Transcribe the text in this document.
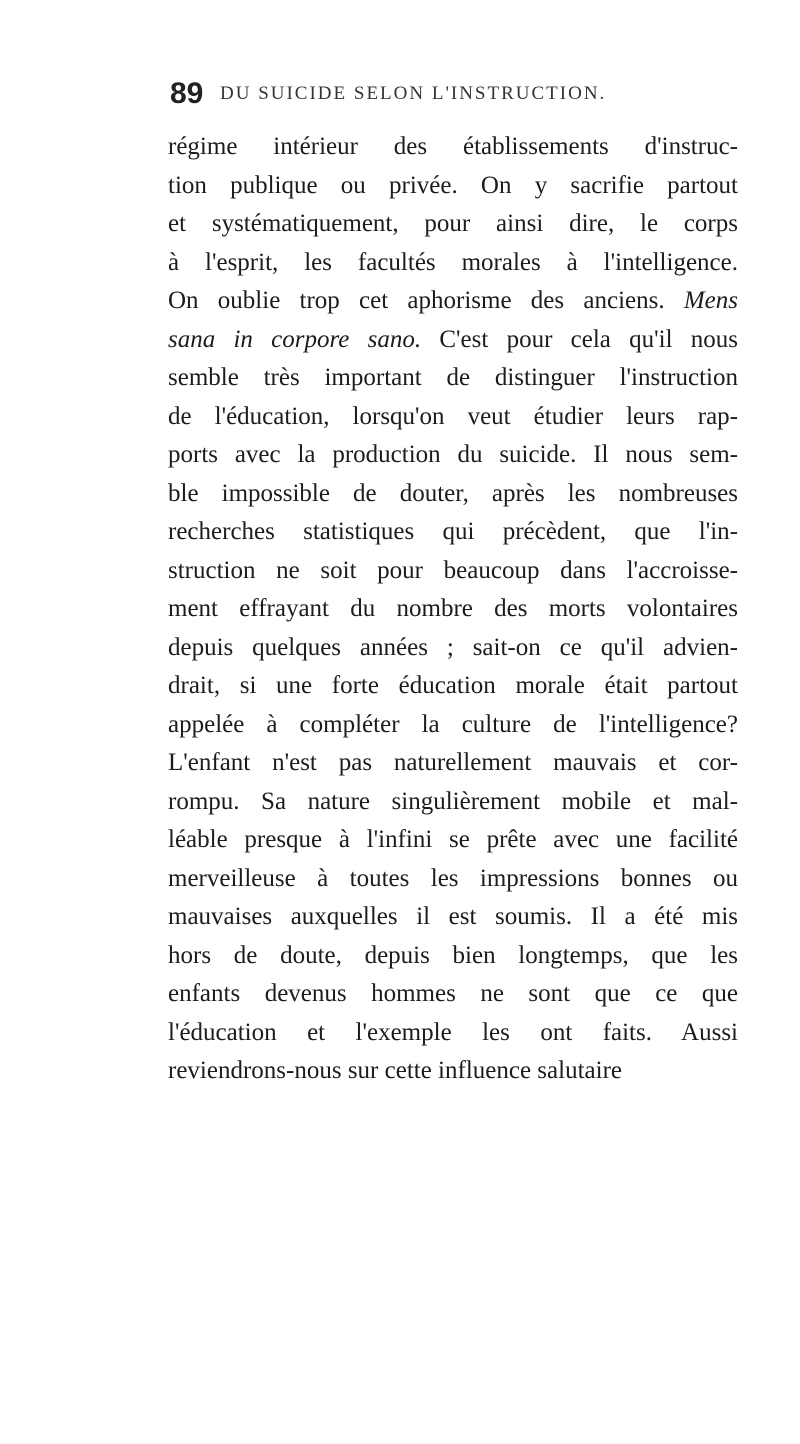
89 DU SUICIDE SELON L'INSTRUCTION.
régime intérieur des établissements d'instruc-
tion publique ou privée. On y sacrifie partout
et systématiquement, pour ainsi dire, le corps
à l'esprit, les facultés morales à l'intelligence.
On oublie trop cet aphorisme des anciens. Mens
sana in corpore sano. C'est pour cela qu'il nous
semble très important de distinguer l'instruction
de l'éducation, lorsqu'on veut étudier leurs rap-
ports avec la production du suicide. Il nous sem-
ble impossible de douter, après les nombreuses
recherches statistiques qui précèdent, que l'in-
struction ne soit pour beaucoup dans l'accroisse-
ment effrayant du nombre des morts volontaires
depuis quelques années ; sait-on ce qu'il advien-
drait, si une forte éducation morale était partout
appelée à compléter la culture de l'intelligence?
L'enfant n'est pas naturellement mauvais et cor-
rompu. Sa nature singulièrement mobile et mal-
léable presque à l'infini se prête avec une facilité
merveilleuse à toutes les impressions bonnes ou
mauvaises auxquelles il est soumis. Il a été mis
hors de doute, depuis bien longtemps, que les
enfants devenus hommes ne sont que ce que
l'éducation et l'exemple les ont faits. Aussi
reviendrons-nous sur cette influence salutaire
